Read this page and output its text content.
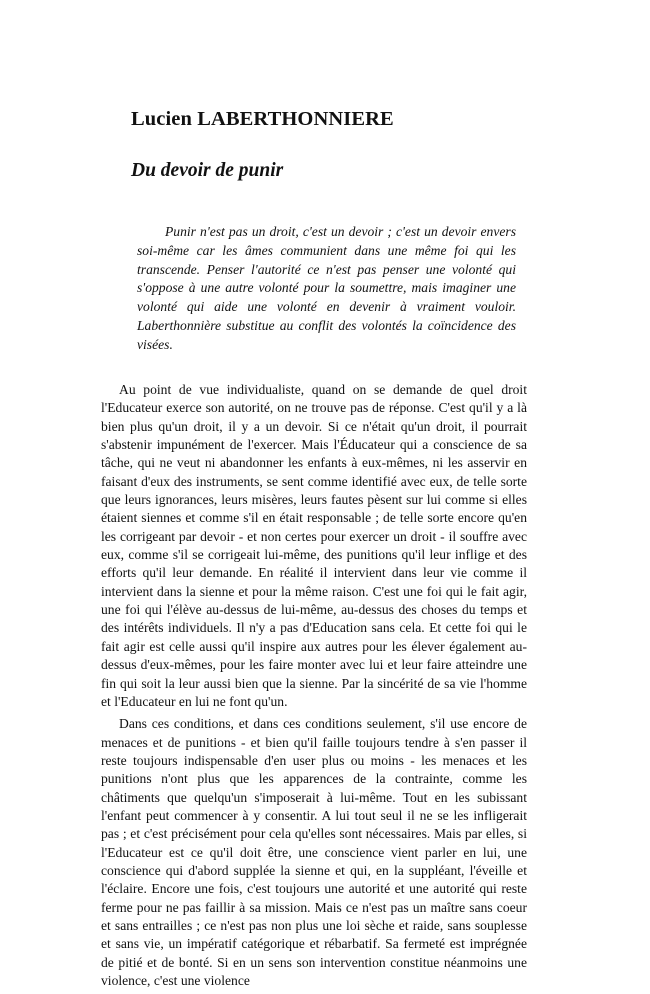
Lucien LABERTHONNIERE
Du devoir de punir

Punir n'est pas un droit, c'est un devoir ; c'est un devoir envers soi-même car les âmes communient dans une même foi qui les transcende. Penser l'autorité ce n'est pas penser une volonté qui s'oppose à une autre volonté pour la soumettre, mais imaginer une volonté qui aide une volonté en devenir à vraiment vouloir. Laberthonnière substitue au conflit des volontés la coïncidence des visées.

Au point de vue individualiste, quand on se demande de quel droit l'Educateur exerce son autorité, on ne trouve pas de réponse. C'est qu'il y a là bien plus qu'un droit, il y a un devoir. Si ce n'était qu'un droit, il pourrait s'abstenir impunément de l'exercer. Mais l'Éducateur qui a conscience de sa tâche, qui ne veut ni abandonner les enfants à eux-mêmes, ni les asservir en faisant d'eux des instruments, se sent comme identifié avec eux, de telle sorte que leurs ignorances, leurs misères, leurs fautes pèsent sur lui comme si elles étaient siennes et comme s'il en était responsable ; de telle sorte encore qu'en les corrigeant par devoir - et non certes pour exercer un droit - il souffre avec eux, comme s'il se corrigeait lui-même, des punitions qu'il leur inflige et des efforts qu'il leur demande. En réalité il intervient dans leur vie comme il intervient dans la sienne et pour la même raison. C'est une foi qui le fait agir, une foi qui l'élève au-dessus de lui-même, au-dessus des choses du temps et des intérêts individuels. Il n'y a pas d'Education sans cela. Et cette foi qui le fait agir est celle aussi qu'il inspire aux autres pour les élever également au-dessus d'eux-mêmes, pour les faire monter avec lui et leur faire atteindre une fin qui soit la leur aussi bien que la sienne. Par la sincérité de sa vie l'homme et l'Educateur en lui ne font qu'un.

Dans ces conditions, et dans ces conditions seulement, s'il use encore de menaces et de punitions - et bien qu'il faille toujours tendre à s'en passer il reste toujours indispensable d'en user plus ou moins - les menaces et les punitions n'ont plus que les apparences de la contrainte, comme les châtiments que quelqu'un s'imposerait à lui-même. Tout en les subissant l'enfant peut commencer à y consentir. A lui tout seul il ne se les infligerait pas ; et c'est précisément pour cela qu'elles sont nécessaires. Mais par elles, si l'Educateur est ce qu'il doit être, une conscience vient parler en lui, une conscience qui d'abord supplée la sienne et qui, en la suppléant, l'éveille et l'éclaire. Encore une fois, c'est toujours une autorité et une autorité qui reste ferme pour ne pas faillir à sa mission. Mais ce n'est pas un maître sans coeur et sans entrailles ; ce n'est pas non plus une loi sèche et raide, sans souplesse et sans vie, un impératif catégorique et rébarbatif. Sa fermeté est imprégnée de pitié et de bonté. Si en un sens son intervention constitue néanmoins une violence, c'est une violence
